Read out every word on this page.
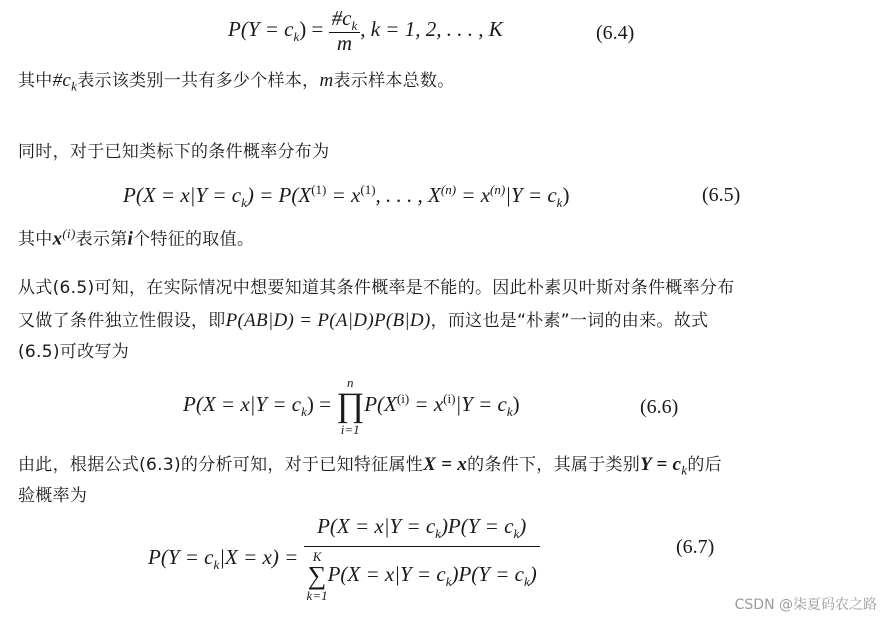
$P(Y = c_k) = \frac{\#c_k}{m}$ , k = 1, 2, . . . , K	(6.4)
其中$\#c_k$表示该类别一共有多少个样本，m表示样本总数。
同时，对于已知类标下的条件概率分布为
$P(X = x|Y = c_k) = P(X^{(1)} = x^{(1)}$, . . . , $X^{(n)} = x^{(n)}|Y = c_k$)	(6.5)
其中$x^{(i)}$表示第i个特征的取值。
从式(6.5)可知，在实际情况中想要知道其条件概率是不能的。因此朴素贝叶斯对条件概率分布
又做了条件独立性假设，即P(AB|D) = P(A|D)P(B|D)，而这也是“朴素”一词的由来。故式
(6.5)可改写为
$P(X = x|Y = c_k)$ =
n
∏
i=1
$P(X^{(i)} = x^{(i)}|Y = c_k)$	(6.6)
由此，根据公式(6.3)的分析可知，对于已知特征属性X = x的条件下，其属于类别$Y = c_k$的后
验概率为
$P(Y = c_k|X = x) = P(X = x|Y = c_k)P(Y = c_k)$
K
∑
k=1
$P(X = x|Y = c_k)P(Y = c_k)$	(6.7)
CSDN @柒夏码农之路
